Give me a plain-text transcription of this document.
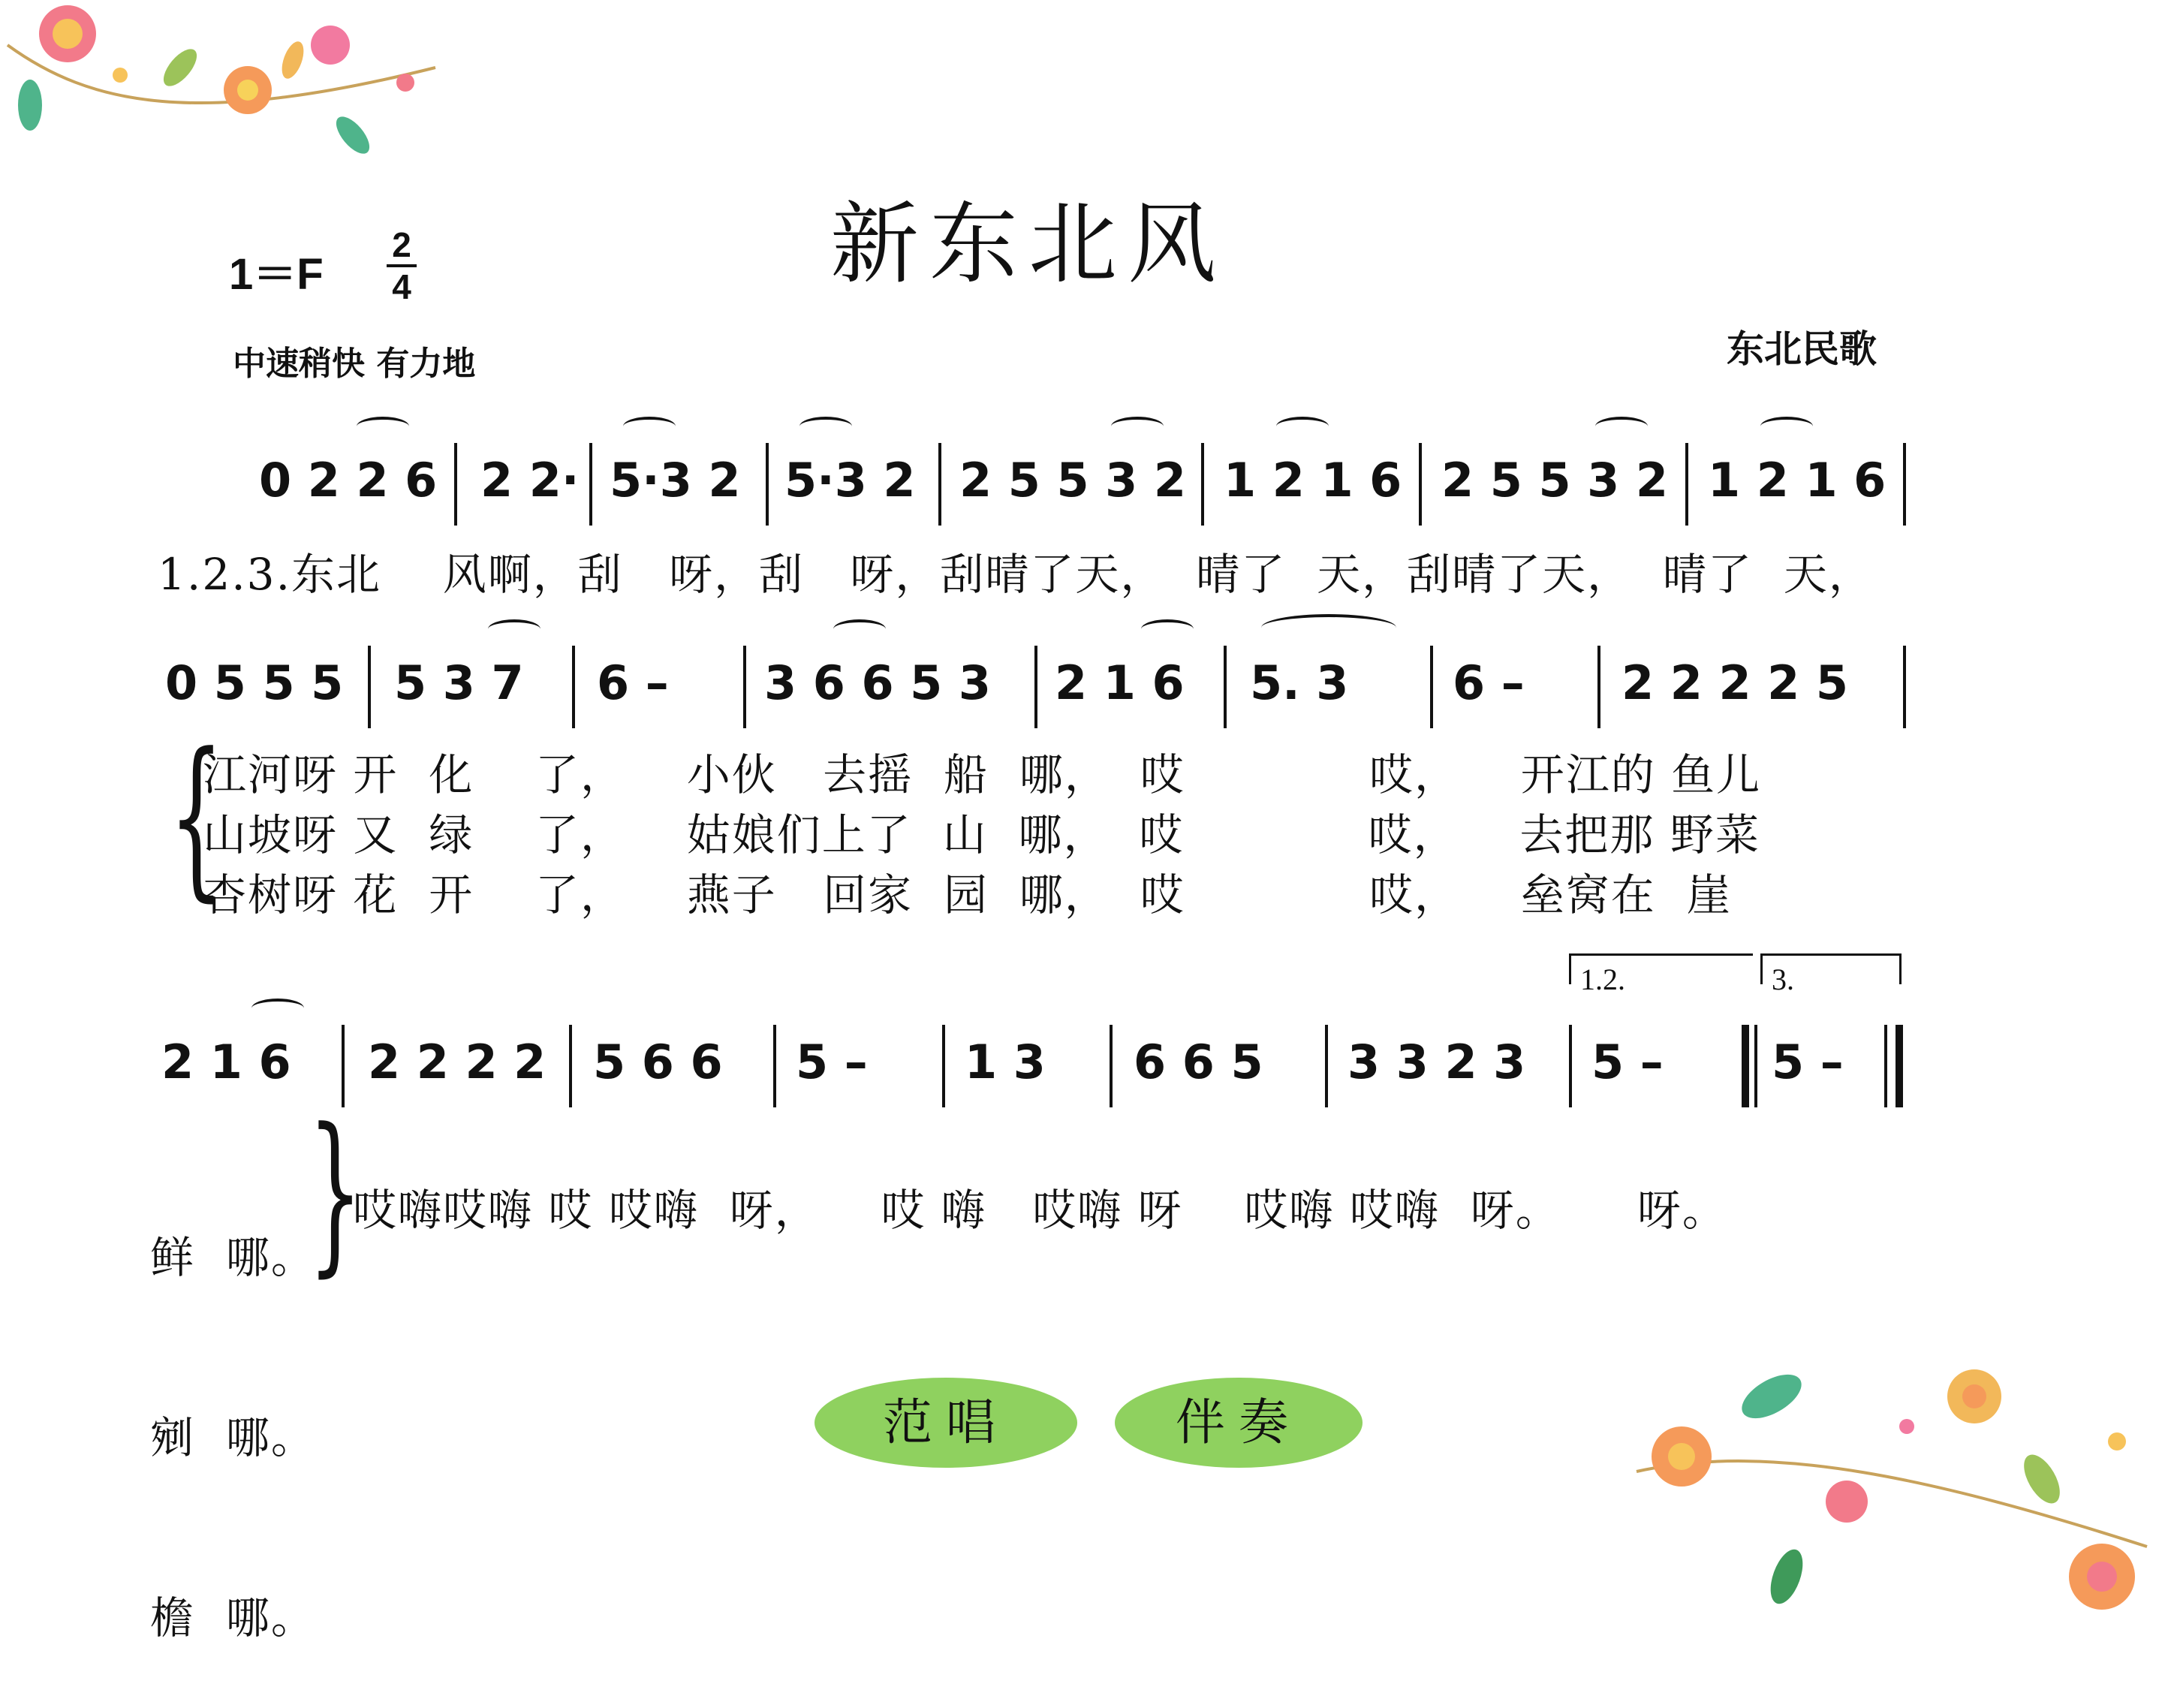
新东北风
1＝F
2
4
中速稍快 有力地	东北民歌
0 2 2 6 2 2· 5·3 2 5·3 2 2 5 5 3 2 1 2 1 6 2 5 5 3 2 1 2 1 6
1.2.3.东北    风啊，刮   呀，刮   呀，刮晴了天，  晴了  天，刮晴了天，  晴了  天，
0 5 5 5 5 3 7 6 – 3 6 6 5 3 2 1 6 5. 3 6 – 2 2 2 2 5
{
江河呀 开  化    了，    小伙   去摇  船  哪，  哎            哎，    开江的 鱼儿
山坡呀 又  绿    了，    姑娘们上了  山  哪，  哎            哎，    去把那 野菜
杏树呀 花  开    了，    燕子   回家  园  哪，  哎            哎，    垒窝在  崖
1.2.	3.
2 1 6 2 2 2 2 5 6 6 5 – 1 3 6 6 5 3 3 2 3 5 – 5 –

鲜  哪。

剜  哪。

檐  哪。

}
哎嗨哎嗨 哎 哎嗨  呀，    哎 嗨   哎嗨 呀    哎嗨 哎嗨  呀。     呀。
范唱	伴奏
